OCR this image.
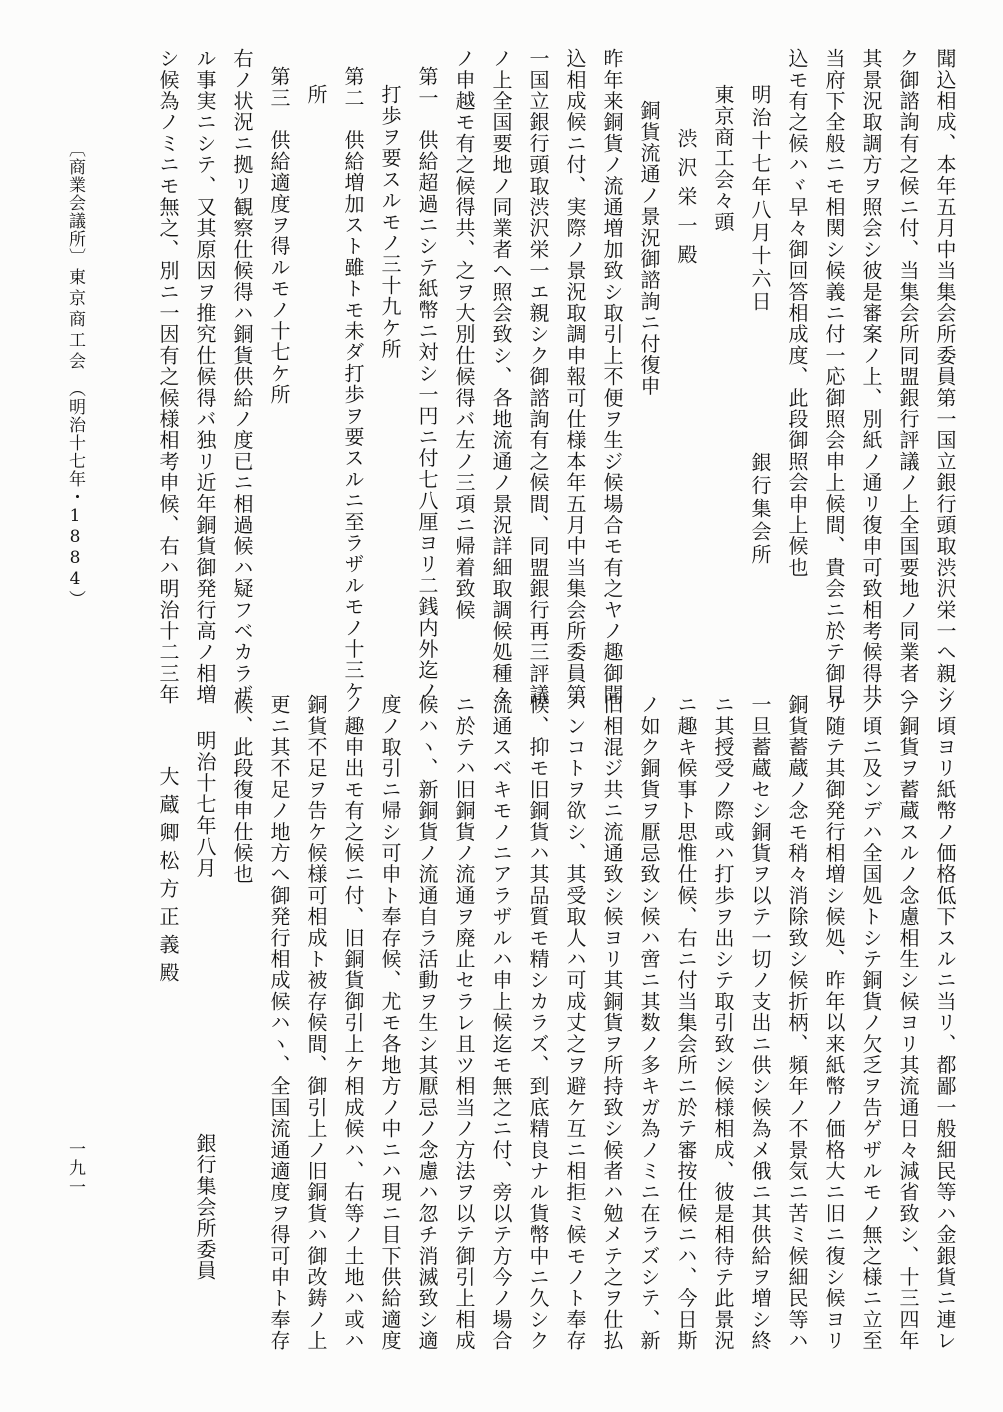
聞込相成、本年五月中当集会所委員第一国立銀行頭取渋沢栄一へ親シ
ク御諮詢有之候ニ付、当集会所同盟銀行評議ノ上全国要地ノ同業者へ
其景況取調方ヲ照会シ彼是審案ノ上、別紙ノ通リ復申可致相考候得共
当府下全般ニモ相関シ候義ニ付一応御照会申上候間、貴会ニ於テ御見
込モ有之候ハヾ早々御回答相成度、此段御照会申上候也
明治十七年八月十六日　　　　　　銀行集会所
東京商工会々頭
渋沢栄一殿
銅貨流通ノ景況御諮詢ニ付復申
昨年来銅貨ノ流通増加致シ取引上不便ヲ生ジ候場合モ有之ヤノ趣御聞
込相成候ニ付、実際ノ景況取調申報可仕様本年五月中当集会所委員第
一国立銀行頭取渋沢栄一エ親シク御諮詢有之候間、同盟銀行再三評議
ノ上全国要地ノ同業者へ照会致シ、各地流通ノ景況詳細取調候処種々
ノ申越モ有之候得共、之ヲ大別仕候得バ左ノ三項ニ帰着致候
第一　供給超過ニシテ紙幣ニ対シ一円ニ付七八厘ヨリ二銭内外迄ノ
打歩ヲ要スルモノ三十九ケ所
第二　供給増加スト雖トモ未ダ打歩ヲ要スルニ至ラザルモノ十三ケ
所
第三　供給適度ヲ得ルモノ十七ケ所
右ノ状況ニ拠リ観察仕候得ハ銅貨供給ノ度已ニ相過候ハ疑フベカラザ
ル事実ニシテ、又其原因ヲ推究仕候得バ独リ近年銅貨御発行高ノ相増
シ候為ノミニモ無之、別ニ一因有之候様相考申候、右ハ明治十二三年
〔商業会議所〕
東京商工会
（明治十七年・1884）
ノ頃ヨリ紙幣ノ価格低下スルニ当リ、都鄙一般細民等ハ金銀貨ニ連レ
テ銅貨ヲ蓄蔵スルノ念慮相生シ候ヨリ其流通日々減省致シ、十三四年
ノ頃ニ及ンデハ全国処トシテ銅貨ノ欠乏ヲ告ゲザルモノ無之様ニ立至
リ随テ其御発行相増シ候処、昨年以来紙幣ノ価格大ニ旧ニ復シ候ヨリ
銅貨蓄蔵ノ念モ稍々消除致シ候折柄、頻年ノ不景気ニ苦ミ候細民等ハ
一旦蓄蔵セシ銅貨ヲ以テ一切ノ支出ニ供シ候為メ俄ニ其供給ヲ増シ終
ニ其授受ノ際或ハ打歩ヲ出シテ取引致シ候様相成、彼是相待テ此景況
ニ趣キ候事ト思惟仕候、右ニ付当集会所ニ於テ審按仕候ニハ、今日斯
ノ如ク銅貨ヲ厭忌致シ候ハ啻ニ其数ノ多キガ為ノミニ在ラズシテ、新
旧相混ジ共ニ流通致シ候ヨリ其銅貨ヲ所持致シ候者ハ勉メテ之ヲ仕払
ハンコトヲ欲シ、其受取人ハ可成丈之ヲ避ケ互ニ相拒ミ候モノト奉存
候、抑モ旧銅貨ハ其品質モ精シカラズ、到底精良ナル貨幣中ニ久シク
流通スベキモノニアラザルハ申上候迄モ無之ニ付、旁以テ方今ノ場合
ニ於テハ旧銅貨ノ流通ヲ廃止セラレ且ツ相当ノ方法ヲ以テ御引上相成
候ハヽ、新銅貨ノ流通自ラ活動ヲ生シ其厭忌ノ念慮ハ忽チ消滅致シ適
度ノ取引ニ帰シ可申ト奉存候、尤モ各地方ノ中ニハ現ニ目下供給適度
ノ趣申出モ有之候ニ付、旧銅貨御引上ケ相成候ハ、右等ノ土地ハ或ハ
銅貨不足ヲ告ケ候様可相成ト被存候間、御引上ノ旧銅貨ハ御改鋳ノ上
更ニ其不足ノ地方へ御発行相成候ハヽ、全国流通適度ヲ得可申ト奉存
候、此段復申仕候也
明治十七年八月　　　　　　　　　　　　銀行集会所委員
大蔵卿松方正義殿
一九一
